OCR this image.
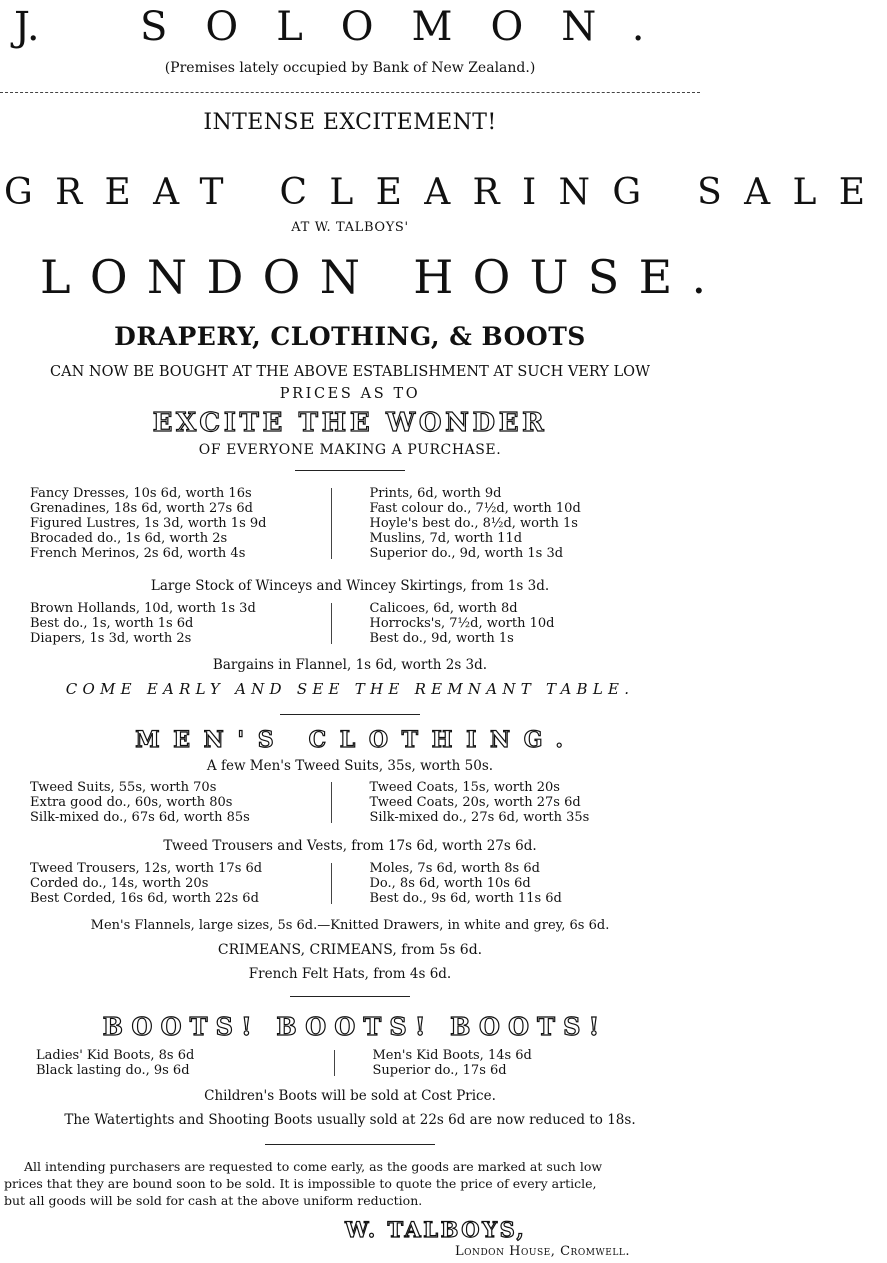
J.	SOLOMON.
(Premises lately occupied by Bank of New Zealand.)
INTENSE EXCITEMENT!
GREAT CLEARING SALE
AT W. TALBOYS'
LONDON HOUSE.
DRAPERY, CLOTHING, & BOOTS
CAN NOW BE BOUGHT AT THE ABOVE ESTABLISHMENT AT SUCH VERY LOW
PRICES AS TO
EXCITE THE WONDER
OF EVERYONE MAKING A PURCHASE.
Fancy Dresses, 10s 6d, worth 16s
Grenadines, 18s 6d, worth 27s 6d
Figured Lustres, 1s 3d, worth 1s 9d
Brocaded do., 1s 6d, worth 2s
French Merinos, 2s 6d, worth 4s
Prints, 6d, worth 9d
Fast colour do., 7½d, worth 10d
Hoyle's best do., 8½d, worth 1s
Muslins, 7d, worth 11d
Superior do., 9d, worth 1s 3d
Large Stock of Winceys and Wincey Skirtings, from 1s 3d.
Brown Hollands, 10d, worth 1s 3d
Best do., 1s, worth 1s 6d
Diapers, 1s 3d, worth 2s
Calicoes, 6d, worth 8d
Horrocks's, 7½d, worth 10d
Best do., 9d, worth 1s
Bargains in Flannel, 1s 6d, worth 2s 3d.
COME EARLY AND SEE THE REMNANT TABLE.
MEN'S CLOTHING.
A few Men's Tweed Suits, 35s, worth 50s.
Tweed Suits, 55s, worth 70s
Extra good do., 60s, worth 80s
Silk-mixed do., 67s 6d, worth 85s
Tweed Coats, 15s, worth 20s
Tweed Coats, 20s, worth 27s 6d
Silk-mixed do., 27s 6d, worth 35s
Tweed Trousers and Vests, from 17s 6d, worth 27s 6d.
Tweed Trousers, 12s, worth 17s 6d
Corded do., 14s, worth 20s
Best Corded, 16s 6d, worth 22s 6d
Moles, 7s 6d, worth 8s 6d
Do., 8s 6d, worth 10s 6d
Best do., 9s 6d, worth 11s 6d
Men's Flannels, large sizes, 5s 6d.—Knitted Drawers, in white and grey, 6s 6d.
CRIMEANS, CRIMEANS, from 5s 6d.
French Felt Hats, from 4s 6d.
BOOTS! BOOTS! BOOTS!
Ladies' Kid Boots, 8s 6d
Black lasting do., 9s 6d
Men's Kid Boots, 14s 6d
Superior do., 17s 6d
Children's Boots will be sold at Cost Price.
The Watertights and Shooting Boots usually sold at 22s 6d are now reduced to 18s.
All intending purchasers are requested to come early, as the goods are marked at such low
prices that they are bound soon to be sold. It is impossible to quote the price of every article,
but all goods will be sold for cash at the above uniform reduction.
W. TALBOYS,
London House, Cromwell.
